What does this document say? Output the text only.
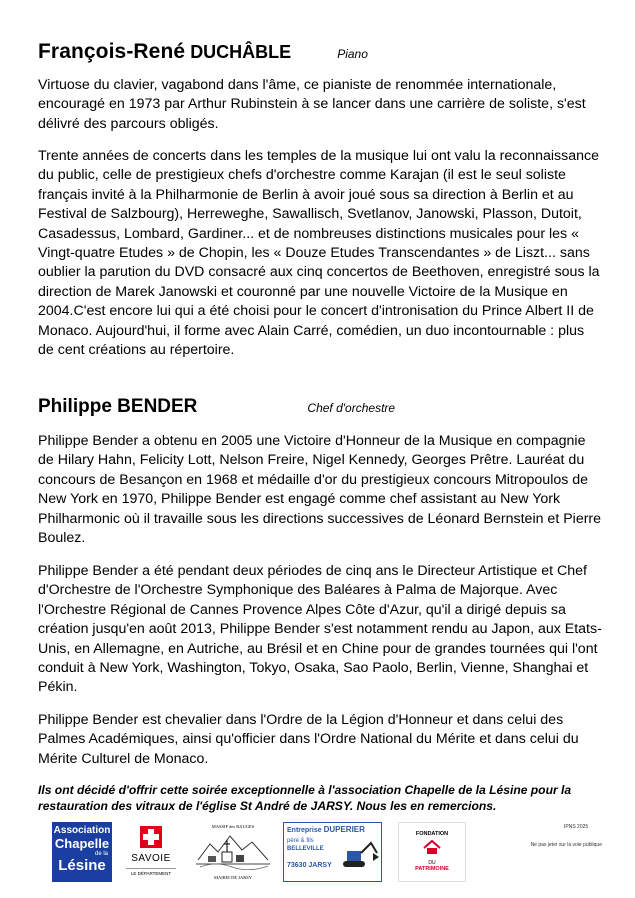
François-René DUCHÂBLE	Piano

Virtuose du clavier, vagabond dans l'âme, ce pianiste de renommée internationale, encouragé en 1973 par Arthur Rubinstein à se lancer dans une carrière de soliste, s'est délivré des parcours obligés.

Trente années de concerts dans les temples de la musique lui ont valu la reconnaissance du public, celle de prestigieux chefs d'orchestre comme Karajan (il est le seul soliste français invité à la Philharmonie de Berlin à avoir joué sous sa direction à Berlin et au Festival de Salzbourg), Herreweghe, Sawallisch, Svetlanov, Janowski, Plasson, Dutoit, Casadessus, Lombard, Gardiner... et de nombreuses distinctions musicales pour les « Vingt-quatre Etudes » de Chopin, les « Douze Etudes Transcendantes » de Liszt... sans oublier la parution du DVD consacré aux cinq concertos de Beethoven, enregistré sous la direction de Marek Janowski et couronné par une nouvelle Victoire de la Musique en 2004.C'est encore lui qui a été choisi pour le concert d'intronisation du Prince Albert II de Monaco. Aujourd'hui, il forme avec Alain Carré, comédien, un duo incontournable : plus de cent créations au répertoire.

Philippe BENDER	Chef d'orchestre

Philippe Bender a obtenu en 2005 une Victoire d'Honneur de la Musique en compagnie de Hilary Hahn, Felicity Lott, Nelson Freire, Nigel Kennedy, Georges Prêtre. Lauréat du concours de Besançon en 1968 et médaille d'or du prestigieux concours Mitropoulos de New York en 1970, Philippe Bender est engagé comme chef assistant au New York Philharmonic où il travaille sous les directions successives de Léonard Bernstein et Pierre Boulez.

Philippe Bender a été pendant deux périodes de cinq ans le Directeur Artistique et Chef d'Orchestre de l'Orchestre Symphonique des Baléares à Palma de Majorque. Avec l'Orchestre Régional de Cannes Provence Alpes Côte d'Azur, qu'il a dirigé depuis sa création jusqu'en août 2013, Philippe Bender s'est notamment rendu au Japon, aux Etats-Unis, en Allemagne, en Autriche, au Brésil et en Chine pour de grandes tournées qui l'ont conduit à New York, Washington, Tokyo, Osaka, Sao Paolo, Berlin, Vienne, Shanghai et Pékin.

Philippe Bender est chevalier dans l'Ordre de la Légion d'Honneur et dans celui des Palmes Académiques, ainsi qu'officier dans l'Ordre National du Mérite et dans celui du Mérite Culturel de Monaco.

Ils ont décidé d'offrir cette soirée exceptionnelle à l'association Chapelle de la Lésine pour la restauration des vitraux de l'église St André de JARSY. Nous les en remercions.
Association
Chapelle
de la
Lésine	SAVOIE
LE DÉPARTEMENT
MASSIF des BAUGES
MAIRIE DE JARSY
Entreprise DUPERIER
père & fils
BELLEVILLE
73630 JARSY
FONDATION
DU
PATRIMOINE
IPNS 2025
Ne pas jeter sur la voie publique
